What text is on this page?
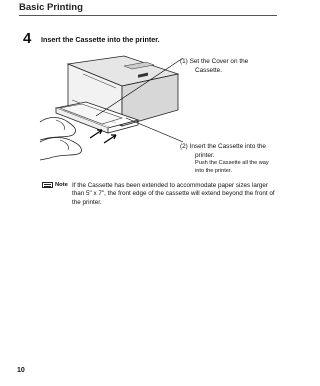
Basic Printing
4 Insert the Cassette into the printer.
(1) Set the Cover on the
Cassette.
(2) Insert the Cassette into the
printer.
Push the Cassette all the way
into the printer.
Note If the Cassette has been extended to accommodate paper sizes larger than 5" x 7", the front edge of the cassette will extend beyond the front of the printer.
10
